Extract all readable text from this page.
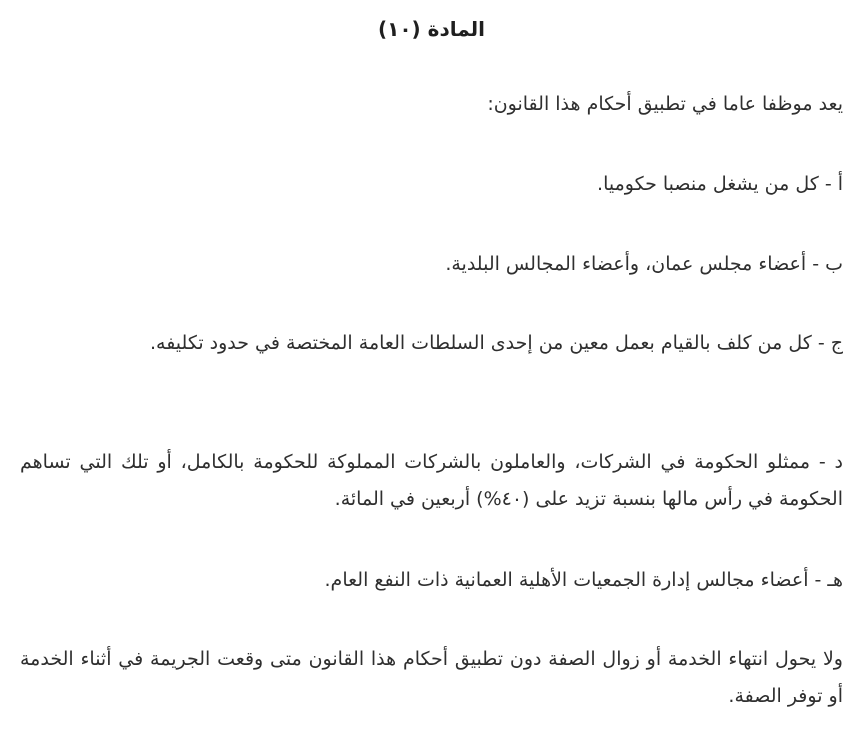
المادة (١٠)

يعد موظفا عاما في تطبيق أحكام هذا القانون:

أ - كل من يشغل منصبا حكوميا.

ب - أعضاء مجلس عمان، وأعضاء المجالس البلدية.

ج - كل من كلف بالقيام بعمل معين من إحدى السلطات العامة المختصة في حدود تكليفه.

د - ممثلو الحكومة في الشركات، والعاملون بالشركات المملوكة للحكومة بالكامل، أو تلك التي تساهم الحكومة في رأس مالها بنسبة تزيد على (٤٠%) أربعين في المائة.

هـ - أعضاء مجالس إدارة الجمعيات الأهلية العمانية ذات النفع العام.

ولا يحول انتهاء الخدمة أو زوال الصفة دون تطبيق أحكام هذا القانون متى وقعت الجريمة في أثناء الخدمة أو توفر الصفة.
